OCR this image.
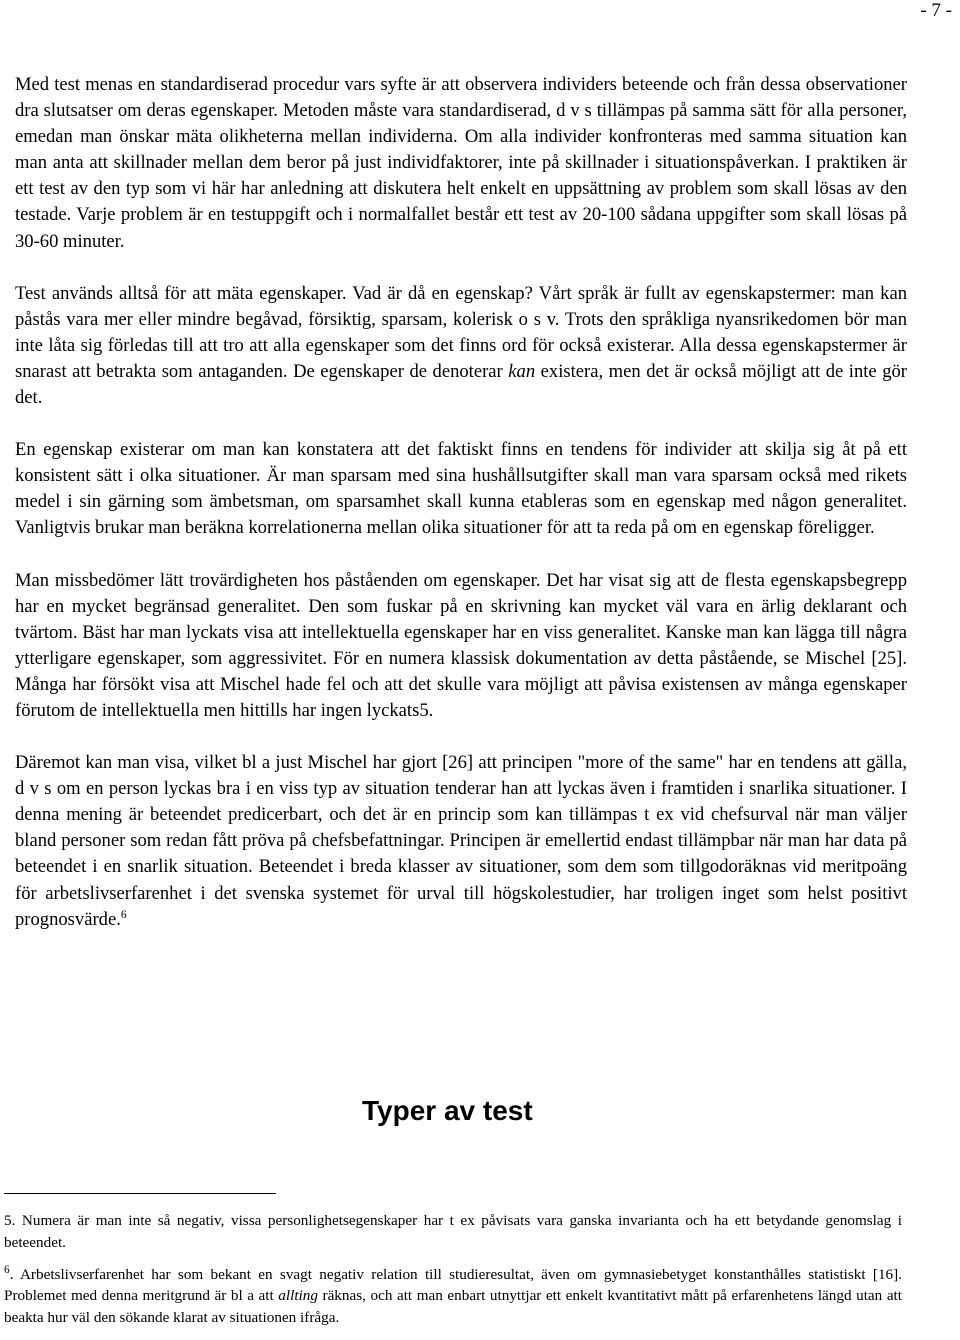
- 7 -

Med test menas en standardiserad procedur vars syfte är att observera individers beteende och från dessa observationer dra slutsatser om deras egenskaper. Metoden måste vara standardiserad, d v s tillämpas på samma sätt för alla personer, emedan man önskar mäta olikheterna mellan individerna. Om alla individer konfronteras med samma situation kan man anta att skillnader mellan dem beror på just individfaktorer, inte på skillnader i situationspåverkan. I praktiken är ett test av den typ som vi här har anledning att diskutera helt enkelt en uppsättning av problem som skall lösas av den testade. Varje problem är en testuppgift och i normalfallet består ett test av 20-100 sådana uppgifter som skall lösas på 30-60 minuter.

Test används alltså för att mäta egenskaper. Vad är då en egenskap? Vårt språk är fullt av egenskapstermer: man kan påstås vara mer eller mindre begåvad, försiktig, sparsam, kolerisk o s v. Trots den språkliga nyansrikedomen bör man inte låta sig förledas till att tro att alla egenskaper som det finns ord för också existerar. Alla dessa egenskapstermer är snarast att betrakta som antaganden. De egenskaper de denoterar kan existera, men det är också möjligt att de inte gör det.

En egenskap existerar om man kan konstatera att det faktiskt finns en tendens för individer att skilja sig åt på ett konsistent sätt i olka situationer. Är man sparsam med sina hushållsutgifter skall man vara sparsam också med rikets medel i sin gärning som ämbetsman, om sparsamhet skall kunna etableras som en egenskap med någon generalitet. Vanligtvis brukar man beräkna korrelationerna mellan olika situationer för att ta reda på om en egenskap föreligger.

Man missbedömer lätt trovärdigheten hos påståenden om egenskaper. Det har visat sig att de flesta egenskapsbegrepp har en mycket begränsad generalitet. Den som fuskar på en skrivning kan mycket väl vara en ärlig deklarant och tvärtom. Bäst har man lyckats visa att intellektuella egenskaper har en viss generalitet. Kanske man kan lägga till några ytterligare egenskaper, som aggressivitet. För en numera klassisk dokumentation av detta påstående, se Mischel [25]. Många har försökt visa att Mischel hade fel och att det skulle vara möjligt att påvisa existensen av många egenskaper förutom de intellektuella men hittills har ingen lyckats5.

Däremot kan man visa, vilket bl a just Mischel har gjort [26] att principen "more of the same" har en tendens att gälla, d v s om en person lyckas bra i en viss typ av situation tenderar han att lyckas även i framtiden i snarlika situationer. I denna mening är beteendet predicerbart, och det är en princip som kan tillämpas t ex vid chefsurval när man väljer bland personer som redan fått pröva på chefsbefattningar. Principen är emellertid endast tillämpbar när man har data på beteendet i en snarlik situation. Beteendet i breda klasser av situationer, som dem som tillgodoräknas vid meritpoäng för arbetslivserfarenhet i det svenska systemet för urval till högskolestudier, har troligen inget som helst positivt prognosvärde.$^6$

Typer av test

5. Numera är man inte så negativ, vissa personlighetsegenskaper har t ex påvisats vara ganska invarianta och ha ett betydande genomslag i beteendet.

$^6$. Arbetslivserfarenhet har som bekant en svagt negativ relation till studieresultat, även om gymnasiebetyget konstanthålles statistiskt [16]. Problemet med denna meritgrund är bl a att allting räknas, och att man enbart utnyttjar ett enkelt kvantitativt mått på erfarenhetens längd utan att beakta hur väl den sökande klarat av situationen ifråga.
